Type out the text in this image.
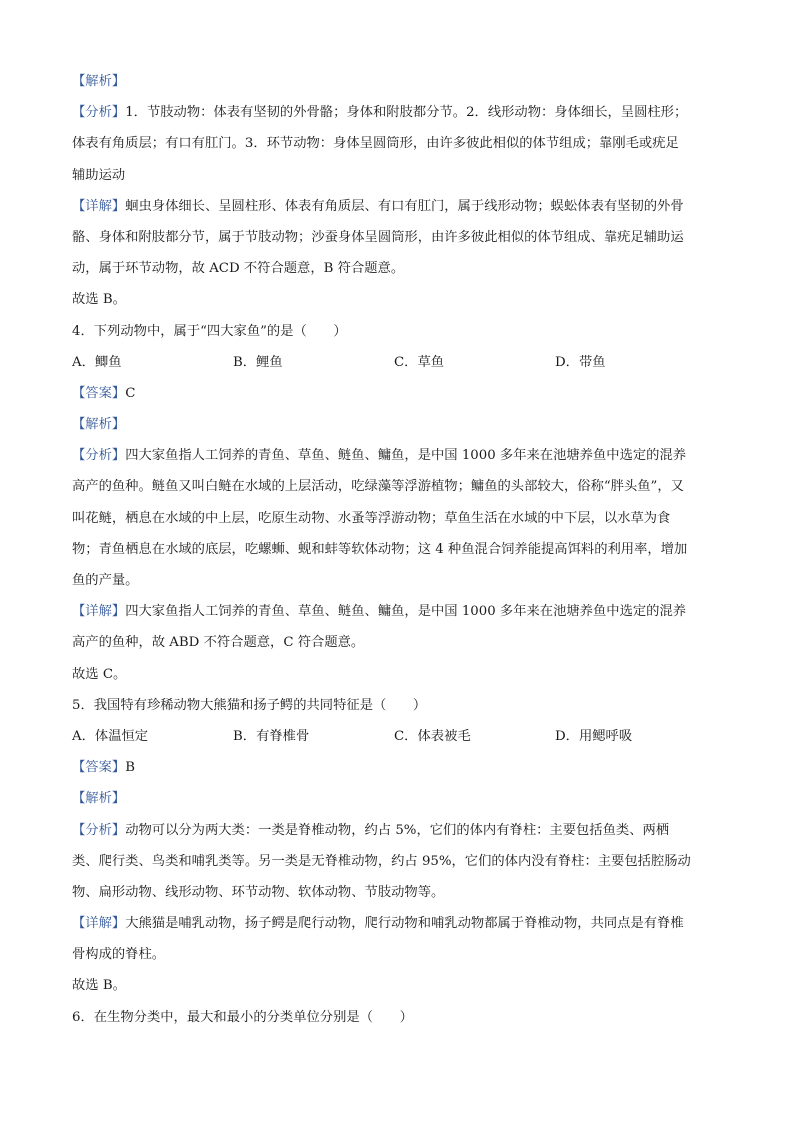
【解析】
【分析】1．节肢动物：体表有坚韧的外骨骼；身体和附肢都分节。2．线形动物：身体细长，呈圆柱形；
体表有角质层；有口有肛门。3．环节动物：身体呈圆筒形，由许多彼此相似的体节组成；靠刚毛或疣足
辅助运动
【详解】蛔虫身体细长、呈圆柱形、体表有角质层、有口有肛门，属于线形动物；蜈蚣体表有坚韧的外骨
骼、身体和附肢都分节，属于节肢动物；沙蚕身体呈圆筒形，由许多彼此相似的体节组成、靠疣足辅助运
动，属于环节动物，故 ACD 不符合题意，B 符合题意。
故选 B。
4．下列动物中，属于“四大家鱼”的是（　　）
A．鲫鱼	B．鲤鱼	C．草鱼	D．带鱼
【答案】C
【解析】
【分析】四大家鱼指人工饲养的青鱼、草鱼、鲢鱼、鳙鱼，是中国 1000 多年来在池塘养鱼中选定的混养
高产的鱼种。鲢鱼又叫白鲢在水域的上层活动，吃绿藻等浮游植物；鳙鱼的头部较大，俗称“胖头鱼”，又
叫花鲢，栖息在水域的中上层，吃原生动物、水蚤等浮游动物；草鱼生活在水域的中下层，以水草为食
物；青鱼栖息在水域的底层，吃螺蛳、蚬和蚌等软体动物；这 4 种鱼混合饲养能提高饵料的利用率，增加
鱼的产量。
【详解】四大家鱼指人工饲养的青鱼、草鱼、鲢鱼、鳙鱼，是中国 1000 多年来在池塘养鱼中选定的混养
高产的鱼种，故 ABD 不符合题意，C 符合题意。
故选 C。
5．我国特有珍稀动物大熊猫和扬子鳄的共同特征是（　　）
A．体温恒定	B．有脊椎骨	C．体表被毛	D．用鳃呼吸
【答案】B
【解析】
【分析】动物可以分为两大类：一类是脊椎动物，约占 5%，它们的体内有脊柱：主要包括鱼类、两栖
类、爬行类、鸟类和哺乳类等。另一类是无脊椎动物，约占 95%，它们的体内没有脊柱：主要包括腔肠动
物、扁形动物、线形动物、环节动物、软体动物、节肢动物等。
【详解】大熊猫是哺乳动物，扬子鳄是爬行动物，爬行动物和哺乳动物都属于脊椎动物，共同点是有脊椎
骨构成的脊柱。
故选 B。
6．在生物分类中，最大和最小的分类单位分别是（　　）
